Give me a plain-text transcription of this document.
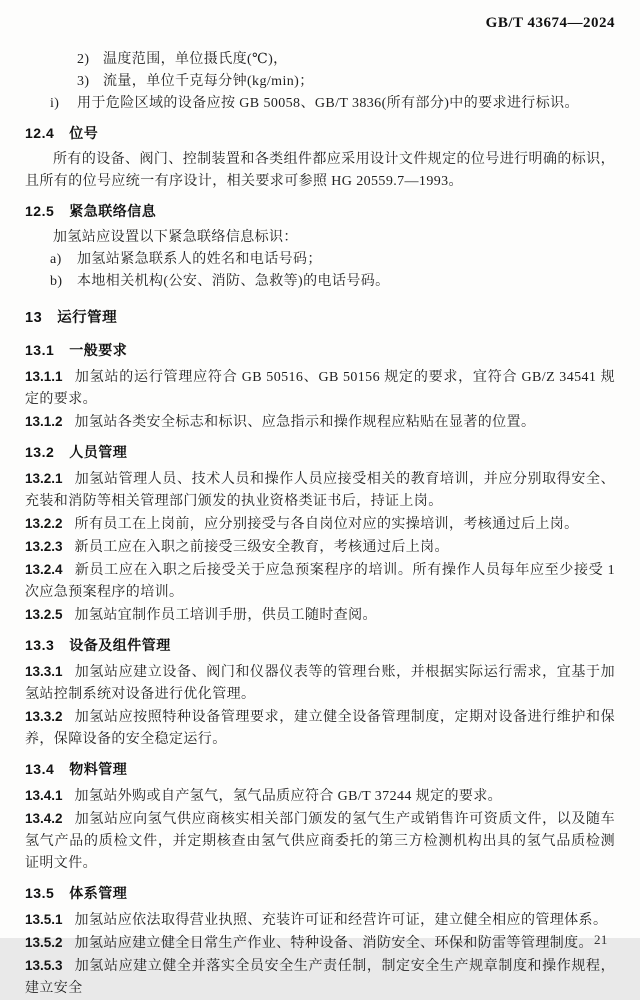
GB/T 43674—2024
2) 温度范围，单位摄氏度(℃)，
3) 流量，单位千克每分钟(kg/min)；
i)	用于危险区域的设备应按 GB 50058、GB/T 3836(所有部分)中的要求进行标识。
12.4 位号

所有的设备、阀门、控制装置和各类组件都应采用设计文件规定的位号进行明确的标识，且所有的位号应统一有序设计，相关要求可参照 HG 20559.7—1993。

12.5 紧急联络信息

加氢站应设置以下紧急联络信息标识：

a)	加氢站紧急联系人的姓名和电话号码；
b)	本地相关机构(公安、消防、急救等)的电话号码。
13 运行管理
13.1 一般要求

13.1.1 加氢站的运行管理应符合 GB 50516、GB 50156 规定的要求，宜符合 GB/Z 34541 规定的要求。

13.1.2 加氢站各类安全标志和标识、应急指示和操作规程应粘贴在显著的位置。

13.2 人员管理

13.2.1 加氢站管理人员、技术人员和操作人员应接受相关的教育培训，并应分别取得安全、充装和消防等相关管理部门颁发的执业资格类证书后，持证上岗。

13.2.2 所有员工在上岗前，应分别接受与各自岗位对应的实操培训，考核通过后上岗。

13.2.3 新员工应在入职之前接受三级安全教育，考核通过后上岗。

13.2.4 新员工应在入职之后接受关于应急预案程序的培训。所有操作人员每年应至少接受 1 次应急预案程序的培训。

13.2.5 加氢站宜制作员工培训手册，供员工随时查阅。

13.3 设备及组件管理

13.3.1 加氢站应建立设备、阀门和仪器仪表等的管理台账，并根据实际运行需求，宜基于加氢站控制系统对设备进行优化管理。

13.3.2 加氢站应按照特种设备管理要求，建立健全设备管理制度，定期对设备进行维护和保养，保障设备的安全稳定运行。

13.4 物料管理

13.4.1 加氢站外购或自产氢气，氢气品质应符合 GB/T 37244 规定的要求。

13.4.2 加氢站应向氢气供应商核实相关部门颁发的氢气生产或销售许可资质文件，以及随车氢气产品的质检文件，并定期核查由氢气供应商委托的第三方检测机构出具的氢气品质检测证明文件。

13.5 体系管理

13.5.1 加氢站应依法取得营业执照、充装许可证和经营许可证，建立健全相应的管理体系。

13.5.2 加氢站应建立健全日常生产作业、特种设备、消防安全、环保和防雷等管理制度。

13.5.3 加氢站应建立健全并落实全员安全生产责任制，制定安全生产规章制度和操作规程，建立安全

21
